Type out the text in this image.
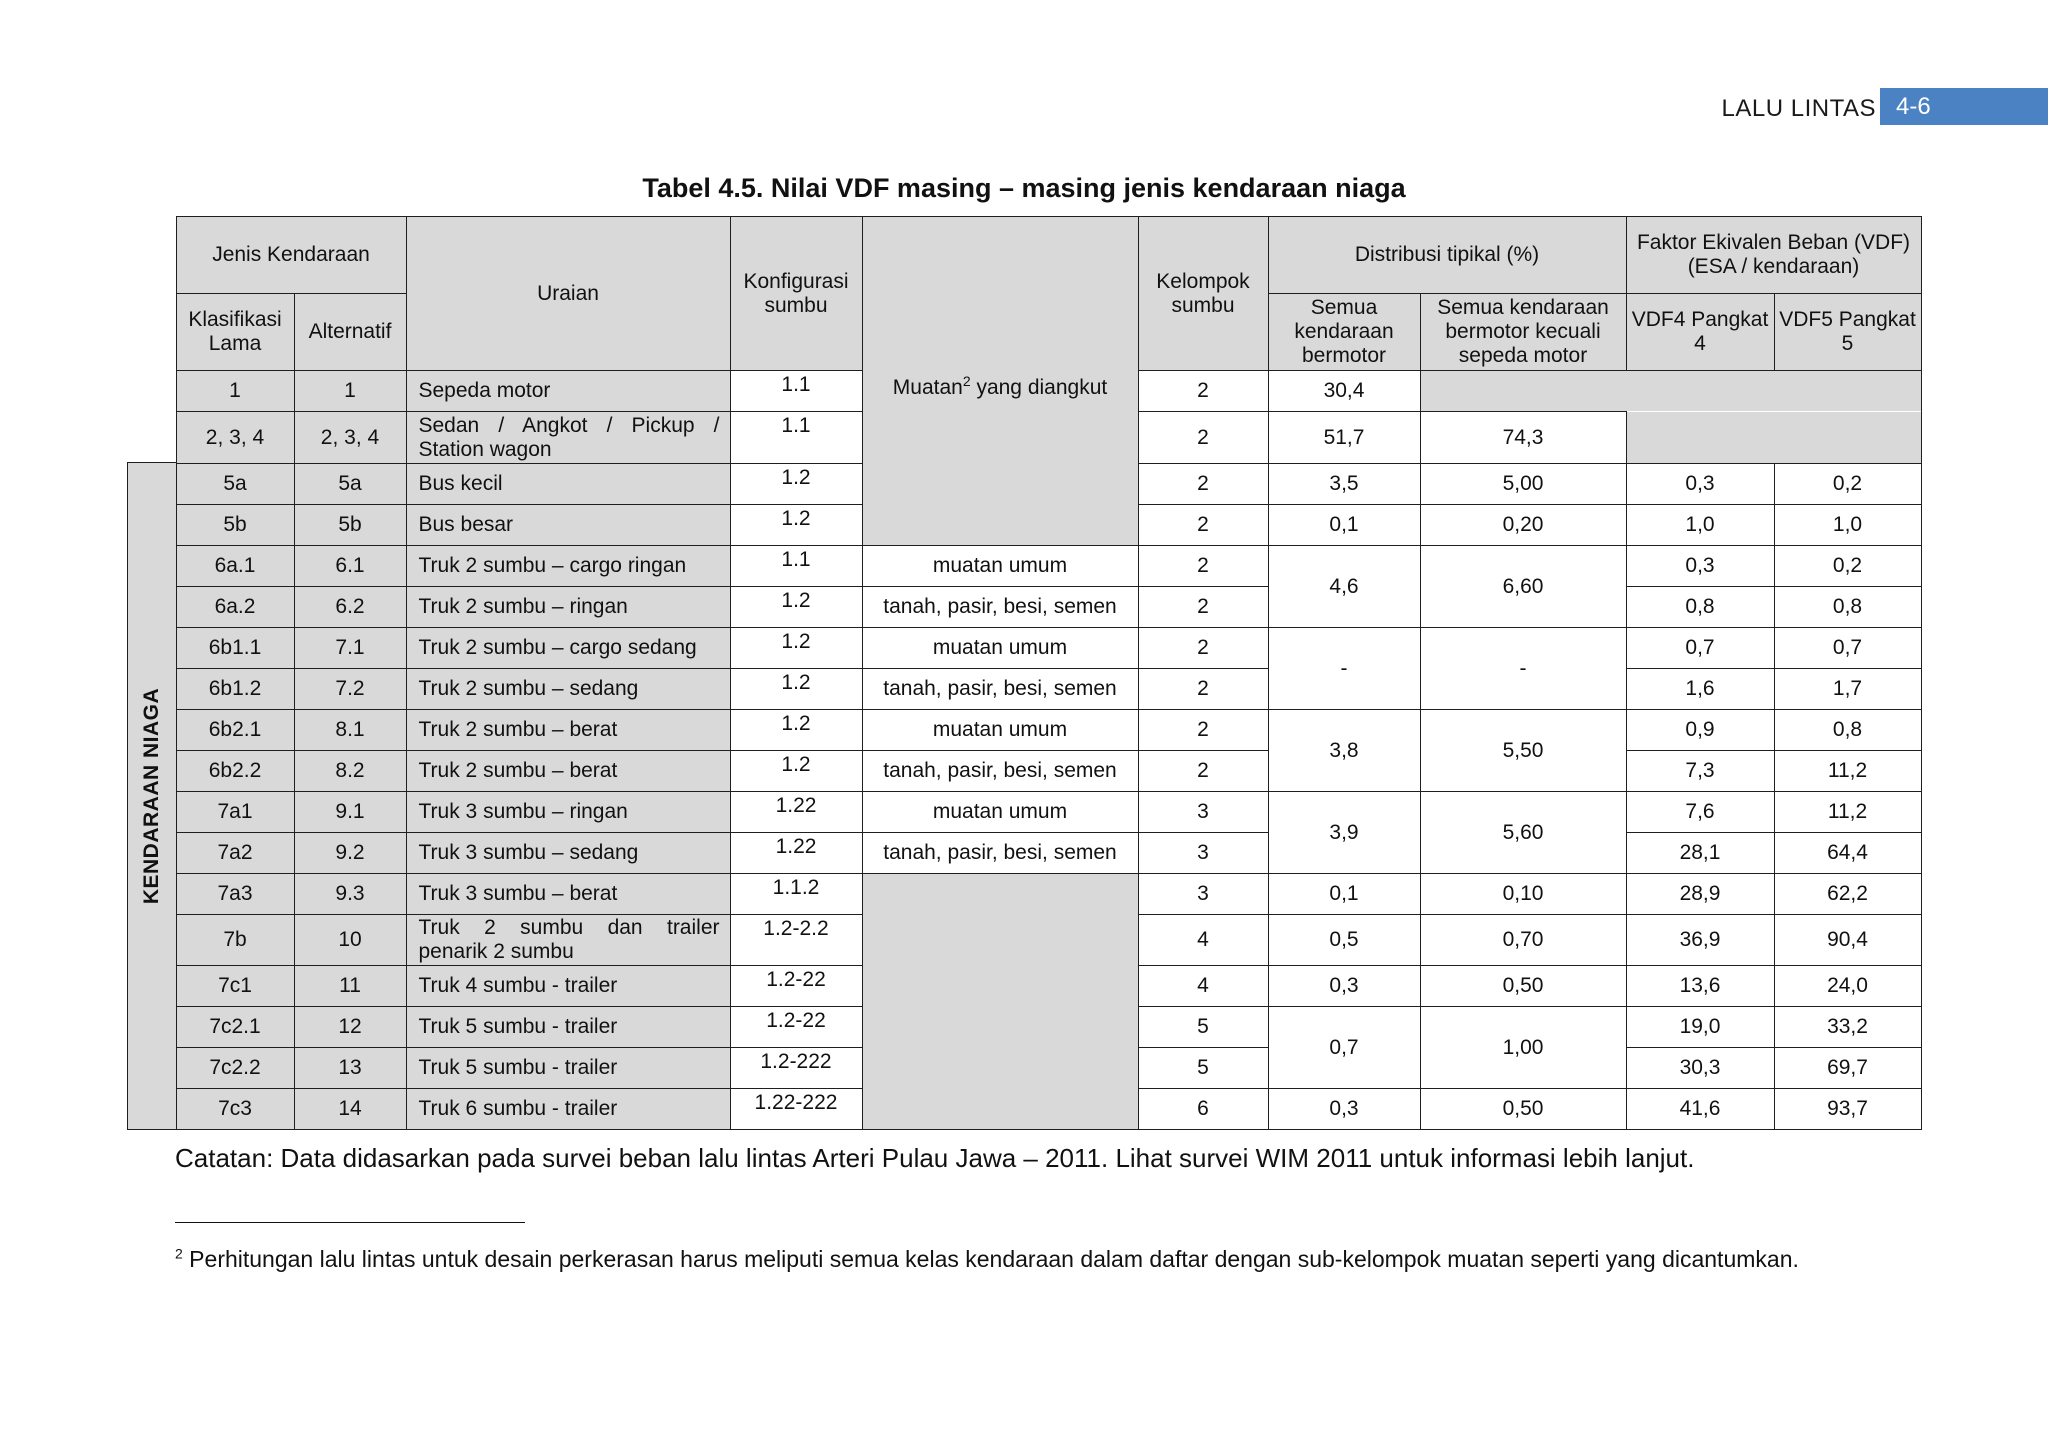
LALU LINTAS 4-6
Tabel 4.5. Nilai VDF masing – masing jenis kendaraan niaga
KENDARAAN NIAGA
	Jenis Kendaraan		Uraian	Konfigurasi sumbu	Muatan$^2$ yang diangkut	Kelompok sumbu	Distribusi tipikal (%)		Faktor Ekivalen Beban (VDF) (ESA / kendaraan)	
	Klasifikasi Lama	Alternatif					Semua kendaraan bermotor	Semua kendaraan bermotor kecuali sepeda motor	VDF4 Pangkat 4	VDF5 Pangkat 5
	1	1	Sepeda motor	1.1		2	30,4			
	2, 3, 4	2, 3, 4	Sedan / Angkot / Pickup / Station wagon	1.1		2	51,7	74,3		
	5a	5a	Bus kecil	1.2		2	3,5	5,00	0,3	0,2
	5b	5b	Bus besar	1.2		2	0,1	0,20	1,0	1,0
	6a.1	6.1	Truk 2 sumbu – cargo ringan	1.1	muatan umum	2	4,6	6,60	0,3	0,2
	6a.2	6.2	Truk 2 sumbu – ringan	1.2	tanah, pasir, besi, semen	2			0,8	0,8
	6b1.1	7.1	Truk 2 sumbu – cargo sedang	1.2	muatan umum	2	-	-	0,7	0,7
	6b1.2	7.2	Truk 2 sumbu – sedang	1.2	tanah, pasir, besi, semen	2			1,6	1,7
	6b2.1	8.1	Truk 2 sumbu – berat	1.2	muatan umum	2	3,8	5,50	0,9	0,8
	6b2.2	8.2	Truk 2 sumbu – berat	1.2	tanah, pasir, besi, semen	2			7,3	11,2
	7a1	9.1	Truk 3 sumbu – ringan	1.22	muatan umum	3	3,9	5,60	7,6	11,2
	7a2	9.2	Truk 3 sumbu – sedang	1.22	tanah, pasir, besi, semen	3			28,1	64,4
	7a3	9.3	Truk 3 sumbu – berat	1.1.2		3	0,1	0,10	28,9	62,2
	7b	10	Truk 2 sumbu dan trailer penarik 2 sumbu	1.2-2.2		4	0,5	0,70	36,9	90,4
	7c1	11	Truk 4 sumbu - trailer	1.2-22		4	0,3	0,50	13,6	24,0
	7c2.1	12	Truk 5 sumbu - trailer	1.2-22		5	0,7	1,00	19,0	33,2
	7c2.2	13	Truk 5 sumbu - trailer	1.2-222		5			30,3	69,7
	7c3	14	Truk 6 sumbu - trailer	1.22-222		6	0,3	0,50	41,6	93,7
Catatan: Data didasarkan pada survei beban lalu lintas Arteri Pulau Jawa – 2011. Lihat survei WIM 2011 untuk informasi lebih lanjut.
$^2$ Perhitungan lalu lintas untuk desain perkerasan harus meliputi semua kelas kendaraan dalam daftar dengan sub-kelompok muatan seperti yang dicantumkan.
